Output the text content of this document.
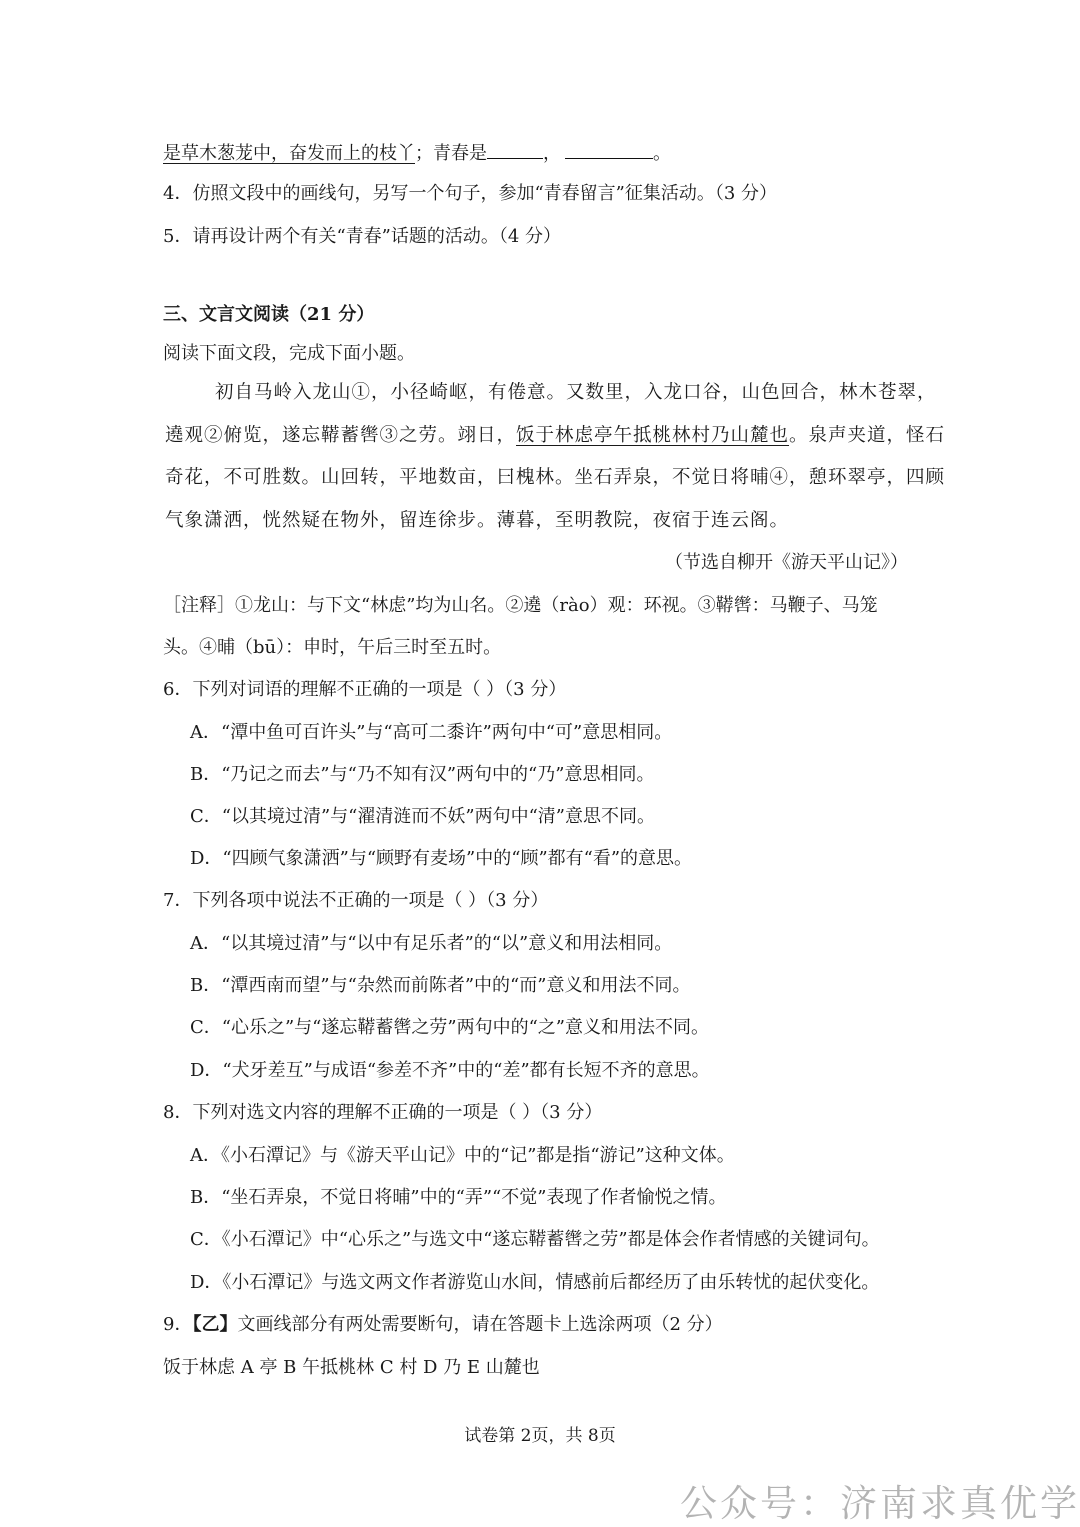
是草木葱茏中，奋发而上的枝丫；青春是	，	。
4．仿照文段中的画线句，另写一个句子，参加“青春留言”征集活动。（3 分）
5．请再设计两个有关“青春”话题的活动。（4 分）
三、文言文阅读（21 分）
阅读下面文段，完成下面小题。
初自马岭入龙山①，小径崎岖，有倦意。又数里，入龙口谷，山色回合，林木苍翠，
遶观②俯览，遂忘鞯蓄辔③之劳。翊日，饭于林虑亭午抵桃林村乃山麓也。泉声夹道，怪石
奇花，不可胜数。山回转，平地数亩，曰槐林。坐石弄泉，不觉日将晡④，憩环翠亭，四顾
气象潇洒，恍然疑在物外，留连徐步。薄暮，至明教院，夜宿于连云阁。
（节选自柳开《游天平山记》）
［注释］①龙山：与下文“林虑”均为山名。②遶（rào）观：环视。③鞯辔：马鞭子、马笼
头。④晡（bū）：申时，午后三时至五时。
6．下列对词语的理解不正确的一项是（ ）（3 分）
A．“潭中鱼可百许头”与“高可二黍许”两句中“可”意思相同。
B．“乃记之而去”与“乃不知有汉”两句中的“乃”意思相同。
C．“以其境过清”与“濯清涟而不妖”两句中“清”意思不同。
D．“四顾气象潇洒”与“顾野有麦场”中的“顾”都有“看”的意思。
7．下列各项中说法不正确的一项是（ ）（3 分）
A．“以其境过清”与“以中有足乐者”的“以”意义和用法相同。
B．“潭西南而望”与“杂然而前陈者”中的“而”意义和用法不同。
C．“心乐之”与“遂忘鞯蓄辔之劳”两句中的“之”意义和用法不同。
D．“犬牙差互”与成语“参差不齐”中的“差”都有长短不齐的意思。
8．下列对选文内容的理解不正确的一项是（ ）（3 分）
A．《小石潭记》与《游天平山记》中的“记”都是指“游记”这种文体。
B．“坐石弄泉，不觉日将晡”中的“弄”“不觉”表现了作者愉悦之情。
C．《小石潭记》中“心乐之”与选文中“遂忘鞯蓄辔之劳”都是体会作者情感的关键词句。
D．《小石潭记》与选文两文作者游览山水间，情感前后都经历了由乐转忧的起伏变化。
9．【乙】文画线部分有两处需要断句，请在答题卡上选涂两项（2 分）
饭于林虑 A 亭 B 午抵桃林 C 村 D 乃 E 山麓也
试卷第 2页，共 8页
公众号：济南求真优学
